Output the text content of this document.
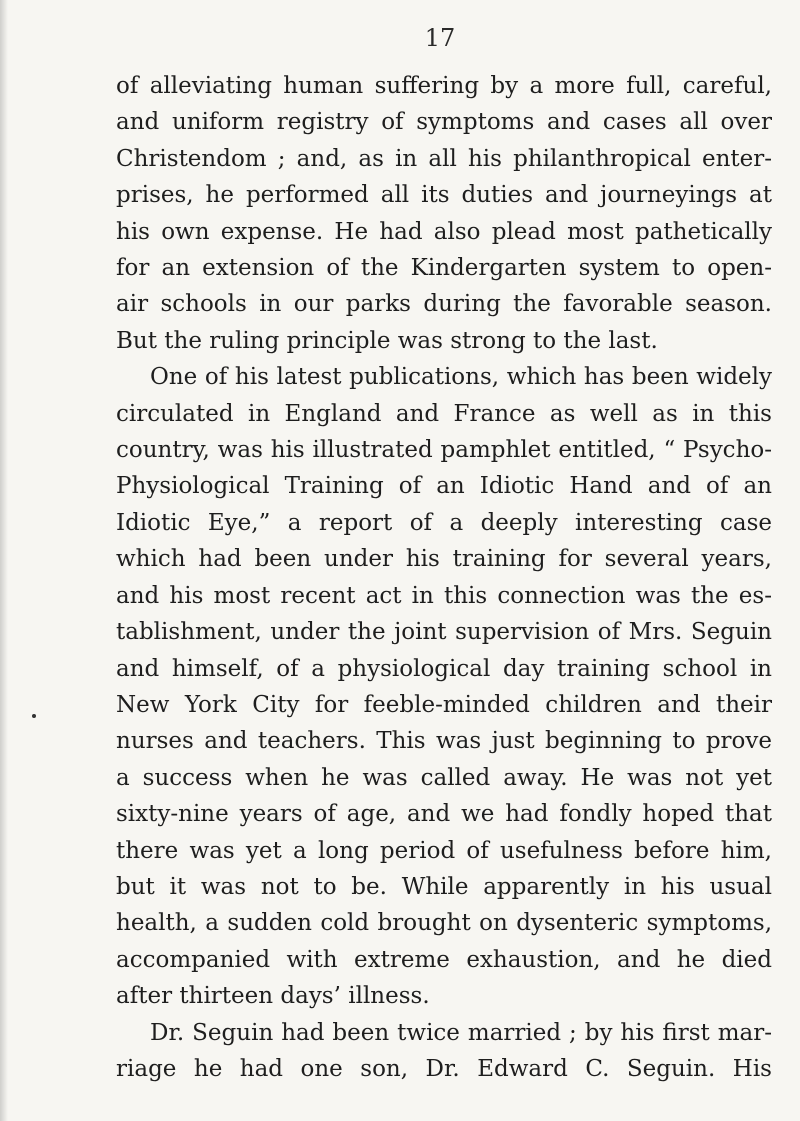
17
of alleviating human suffering by a more full, careful,
and uniform registry of symptoms and cases all over
Christendom ; and, as in all his philanthropical enter-
prises, he performed all its duties and journeyings at
his own expense. He had also plead most pathetically
for an extension of the Kindergarten system to open-
air schools in our parks during the favorable season.
But the ruling principle was strong to the last.
One of his latest publications, which has been widely
circulated in England and France as well as in this
country, was his illustrated pamphlet entitled, “ Psycho-
Physiological Training of an Idiotic Hand and of an
Idiotic Eye,” a report of a deeply interesting case
which had been under his training for several years,
and his most recent act in this connection was the es-
tablishment, under the joint supervision of Mrs. Seguin
and himself, of a physiological day training school in
New York City for feeble-minded children and their
nurses and teachers. This was just beginning to prove
a success when he was called away. He was not yet
sixty-nine years of age, and we had fondly hoped that
there was yet a long period of usefulness before him,
but it was not to be. While apparently in his usual
health, a sudden cold brought on dysenteric symptoms,
accompanied with extreme exhaustion, and he died
after thirteen days’ illness.
Dr. Seguin had been twice married ; by his first mar-
riage he had one son, Dr. Edward C. Seguin. His
